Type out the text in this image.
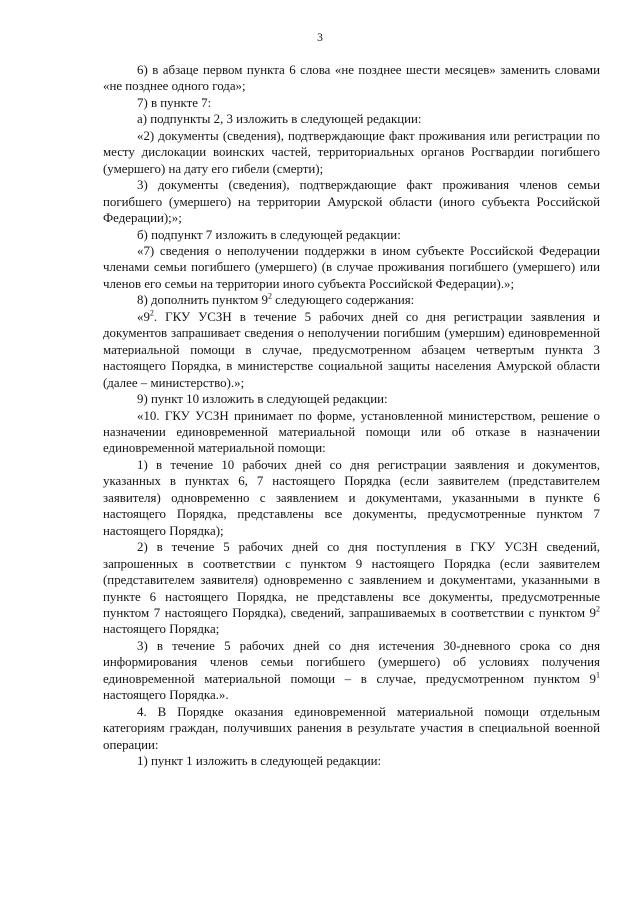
3

6) в абзаце первом пункта 6 слова «не позднее шести месяцев» заменить словами «не позднее одного года»;

7) в пункте 7:

а) подпункты 2, 3 изложить в следующей редакции:

«2) документы (сведения), подтверждающие факт проживания или регистрации по месту дислокации воинских частей, территориальных органов Росгвардии погибшего (умершего) на дату его гибели (смерти);

3) документы (сведения), подтверждающие факт проживания членов семьи погибшего (умершего) на территории Амурской области (иного субъекта Российской Федерации);»;

б) подпункт 7 изложить в следующей редакции:

«7) сведения о неполучении поддержки в ином субъекте Российской Федерации членами семьи погибшего (умершего) (в случае проживания погибшего (умершего) или членов его семьи на территории иного субъекта Российской Федерации).»;

8) дополнить пунктом $9^2$ следующего содержания:

«$9^2$. ГКУ УСЗН в течение 5 рабочих дней со дня регистрации заявления и документов запрашивает сведения о неполучении погибшим (умершим) единовременной материальной помощи в случае, предусмотренном абзацем четвертым пункта 3 настоящего Порядка, в министерстве социальной защиты населения Амурской области (далее – министерство).»;

9) пункт 10 изложить в следующей редакции:

«10. ГКУ УСЗН принимает по форме, установленной министерством, решение о назначении единовременной материальной помощи или об отказе в назначении единовременной материальной помощи:

1) в течение 10 рабочих дней со дня регистрации заявления и документов, указанных в пунктах 6, 7 настоящего Порядка (если заявителем (представителем заявителя) одновременно с заявлением и документами, указанными в пункте 6 настоящего Порядка, представлены все документы, предусмотренные пунктом 7 настоящего Порядка);

2) в течение 5 рабочих дней со дня поступления в ГКУ УСЗН сведений, запрошенных в соответствии с пунктом 9 настоящего Порядка (если заявителем (представителем заявителя) одновременно с заявлением и документами, указанными в пункте 6 настоящего Порядка, не представлены все документы, предусмотренные пунктом 7 настоящего Порядка), сведений, запрашиваемых в соответствии с пунктом $9^2$ настоящего Порядка;

3) в течение 5 рабочих дней со дня истечения 30-дневного срока со дня информирования членов семьи погибшего (умершего) об условиях получения единовременной материальной помощи – в случае, предусмотренном пунктом $9^1$ настоящего Порядка.».

4. В Порядке оказания единовременной материальной помощи отдельным категориям граждан, получивших ранения в результате участия в специальной военной операции:

1) пункт 1 изложить в следующей редакции:
